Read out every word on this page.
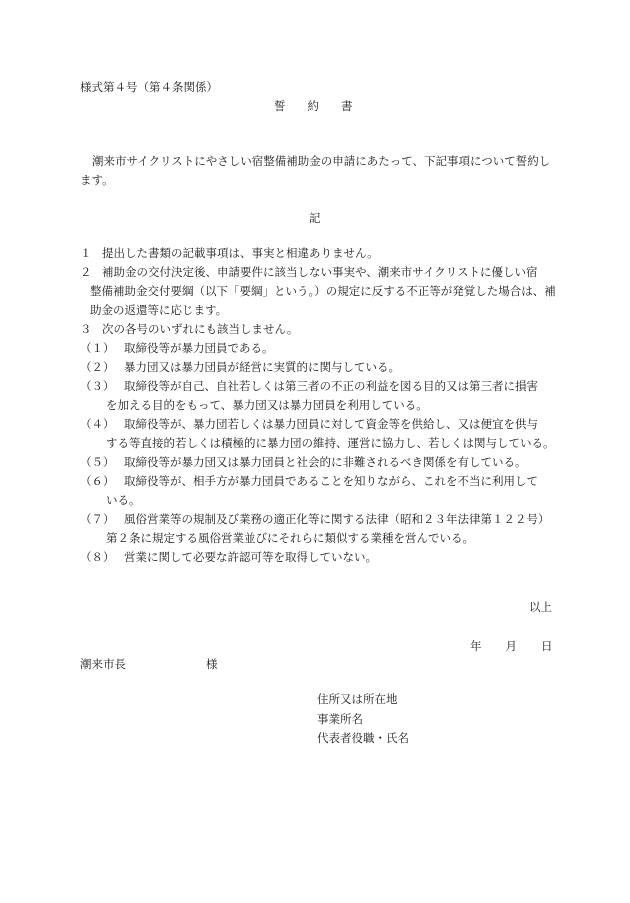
様式第４号（第４条関係）
誓 約 書
潮来市サイクリストにやさしい宿整備補助金の申請にあたって、下記事項について誓約します。
記
１ 提出した書類の記載事項は、事実と相違ありません。
２ 補助金の交付決定後、申請要件に該当しない事実や、潮来市サイクリストに優しい宿
整備補助金交付要綱（以下「要綱」という。）の規定に反する不正等が発覚した場合は、補助金の返還等に応じます。
３ 次の各号のいずれにも該当しません。
（１） 取締役等が暴力団員である。
（２） 暴力団又は暴力団員が経営に実質的に関与している。
（３） 取締役等が自己、自社若しくは第三者の不正の利益を図る目的又は第三者に損害
を加える目的をもって、暴力団又は暴力団員を利用している。
（４） 取締役等が、暴力団若しくは暴力団員に対して資金等を供給し、又は便宜を供与
する等直接的若しくは積極的に暴力団の維持、運営に協力し、若しくは関与している。
（５） 取締役等が暴力団又は暴力団員と社会的に非難されるべき関係を有している。
（６） 取締役等が、相手方が暴力団員であることを知りながら、これを不当に利用して
いる。
（７） 風俗営業等の規制及び業務の適正化等に関する法律（昭和２３年法律第１２２号）
第２条に規定する風俗営業並びにそれらに類似する業種を営んでいる。
（８） 営業に関して必要な許認可等を取得していない。
以上
年 月 日
潮来市長	様
住所又は所在地
事業所名
代表者役職・氏名
